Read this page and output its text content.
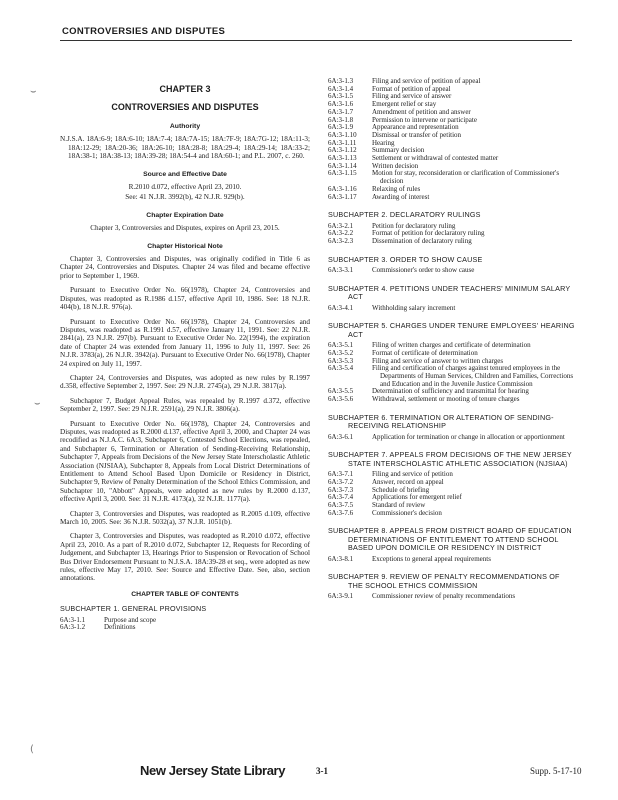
CONTROVERSIES AND DISPUTES
CHAPTER 3
CONTROVERSIES AND DISPUTES
Authority

N.J.S.A. 18A:6-9; 18A:6-10; 18A:7-4; 18A:7A-15; 18A:7F-9; 18A:7G-12; 18A:11-3; 18A:12-29; 18A:20-36; 18A:26-10; 18A:28-8; 18A:29-4; 18A:29-14; 18A:33-2; 18A:38-1; 18A:38-13; 18A:39-28; 18A:54-4 and 18A:60-1; and P.L. 2007, c. 260.

Source and Effective Date

R.2010 d.072, effective April 23, 2010.

See: 41 N.J.R. 3992(b), 42 N.J.R. 929(b).

Chapter Expiration Date

Chapter 3, Controversies and Disputes, expires on April 23, 2015.

Chapter Historical Note

Chapter 3, Controversies and Disputes, was originally codified in Title 6 as Chapter 24, Controversies and Disputes. Chapter 24 was filed and became effective prior to September 1, 1969.

Pursuant to Executive Order No. 66(1978), Chapter 24, Controversies and Disputes, was readopted as R.1986 d.157, effective April 10, 1986. See: 18 N.J.R. 404(b), 18 N.J.R. 976(a).

Pursuant to Executive Order No. 66(1978), Chapter 24, Controversies and Disputes, was readopted as R.1991 d.57, effective January 11, 1991. See: 22 N.J.R. 2841(a), 23 N.J.R. 297(b). Pursuant to Executive Order No. 22(1994), the expiration date of Chapter 24 was extended from January 11, 1996 to July 11, 1997. See: 26 N.J.R. 3783(a), 26 N.J.R. 3942(a). Pursuant to Executive Order No. 66(1978), Chapter 24 expired on July 11, 1997.

Chapter 24, Controversies and Disputes, was adopted as new rules by R.1997 d.358, effective September 2, 1997. See: 29 N.J.R. 2745(a), 29 N.J.R. 3817(a).

Subchapter 7, Budget Appeal Rules, was repealed by R.1997 d.372, effective September 2, 1997. See: 29 N.J.R. 2591(a), 29 N.J.R. 3806(a).

Pursuant to Executive Order No. 66(1978), Chapter 24, Controversies and Disputes, was readopted as R.2000 d.137, effective April 3, 2000, and Chapter 24 was recodified as N.J.A.C. 6A:3, Subchapter 6, Contested School Elections, was repealed, and Subchapter 6, Termination or Alteration of Sending-Receiving Relationship, Subchapter 7, Appeals from Decisions of the New Jersey State Interscholastic Athletic Association (NJSIAA), Subchapter 8, Appeals from Local District Determinations of Entitlement to Attend School Based Upon Domicile or Residency in District, Subchapter 9, Review of Penalty Determination of the School Ethics Commission, and Subchapter 10, "Abbott" Appeals, were adopted as new rules by R.2000 d.137, effective April 3, 2000. See: 31 N.J.R. 4173(a), 32 N.J.R. 1177(a).

Chapter 3, Controversies and Disputes, was readopted as R.2005 d.109, effective March 10, 2005. See: 36 N.J.R. 5032(a), 37 N.J.R. 1051(b).

Chapter 3, Controversies and Disputes, was readopted as R.2010 d.072, effective April 23, 2010. As a part of R.2010 d.072, Subchapter 12, Requests for Recording of Judgement, and Subchapter 13, Hearings Prior to Suspension or Revocation of School Bus Driver Endorsement Pursuant to N.J.S.A. 18A:39-28 et seq., were adopted as new rules, effective May 17, 2010. See: Source and Effective Date. See, also, section annotations.

CHAPTER TABLE OF CONTENTS
SUBCHAPTER 1. GENERAL PROVISIONS
6A:3-1.1	Purpose and scope
6A:3-1.2	Definitions
6A:3-1.3	Filing and service of petition of appeal
6A:3-1.4	Format of petition of appeal
6A:3-1.5	Filing and service of answer
6A:3-1.6	Emergent relief or stay
6A:3-1.7	Amendment of petition and answer
6A:3-1.8	Permission to intervene or participate
6A:3-1.9	Appearance and representation
6A:3-1.10	Dismissal or transfer of petition
6A:3-1.11	Hearing
6A:3-1.12	Summary decision
6A:3-1.13	Settlement or withdrawal of contested matter
6A:3-1.14	Written decision
6A:3-1.15	Motion for stay, reconsideration or clarification of Commissioner's decision
6A:3-1.16	Relaxing of rules
6A:3-1.17	Awarding of interest
SUBCHAPTER 2. DECLARATORY RULINGS
6A:3-2.1	Petition for declaratory ruling
6A:3-2.2	Format of petition for declaratory ruling
6A:3-2.3	Dissemination of declaratory ruling
SUBCHAPTER 3. ORDER TO SHOW CAUSE
6A:3-3.1	Commissioner's order to show cause
SUBCHAPTER 4. PETITIONS UNDER TEACHERS' MINIMUM SALARY ACT
6A:3-4.1	Withholding salary increment
SUBCHAPTER 5. CHARGES UNDER TENURE EMPLOYEES' HEARING ACT
6A:3-5.1	Filing of written charges and certificate of determination
6A:3-5.2	Format of certificate of determination
6A:3-5.3	Filing and service of answer to written charges
6A:3-5.4	Filing and certification of charges against tenured employees in the Departments of Human Services, Children and Families, Corrections and Education and in the Juvenile Justice Commission
6A:3-5.5	Determination of sufficiency and transmittal for hearing
6A:3-5.6	Withdrawal, settlement or mooting of tenure charges
SUBCHAPTER 6. TERMINATION OR ALTERATION OF SENDING-RECEIVING RELATIONSHIP
6A:3-6.1	Application for termination or change in allocation or apportionment
SUBCHAPTER 7. APPEALS FROM DECISIONS OF THE NEW JERSEY STATE INTERSCHOLASTIC ATHLETIC ASSOCIATION (NJSIAA)
6A:3-7.1	Filing and service of petition
6A:3-7.2	Answer, record on appeal
6A:3-7.3	Schedule of briefing
6A:3-7.4	Applications for emergent relief
6A:3-7.5	Standard of review
6A:3-7.6	Commissioner's decision
SUBCHAPTER 8. APPEALS FROM DISTRICT BOARD OF EDUCATION DETERMINATIONS OF ENTITLEMENT TO ATTEND SCHOOL BASED UPON DOMICILE OR RESIDENCY IN DISTRICT
6A:3-8.1	Exceptions to general appeal requirements
SUBCHAPTER 9. REVIEW OF PENALTY RECOMMENDATIONS OF THE SCHOOL ETHICS COMMISSION
6A:3-9.1	Commissioner review of penalty recommendations
New Jersey State Library	3-1	Supp. 5-17-10
⌣
⌣
(
